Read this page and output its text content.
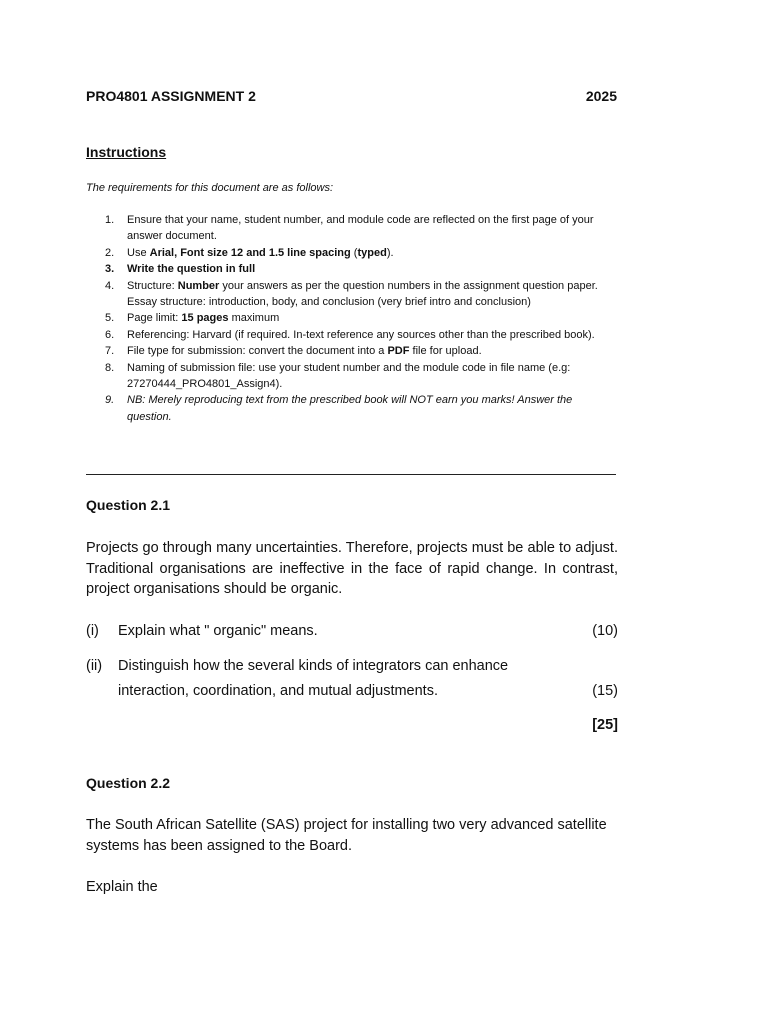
PRO4801 ASSIGNMENT 2	2025
Instructions
The requirements for this document are as follows:
1. Ensure that your name, student number, and module code are reflected on the first page of your answer document.
2. Use Arial, Font size 12 and 1.5 line spacing (typed).
3. Write the question in full
4. Structure: Number your answers as per the question numbers in the assignment question paper. Essay structure: introduction, body, and conclusion (very brief intro and conclusion)
5. Page limit: 15 pages maximum
6. Referencing: Harvard (if required. In-text reference any sources other than the prescribed book).
7. File type for submission: convert the document into a PDF file for upload.
8. Naming of submission file: use your student number and the module code in file name (e.g: 27270444_PRO4801_Assign4).
9. NB: Merely reproducing text from the prescribed book will NOT earn you marks! Answer the question.
Question 2.1
Projects go through many uncertainties. Therefore, projects must be able to adjust. Traditional organisations are ineffective in the face of rapid change. In contrast, project organisations should be organic.
(i) Explain what " organic" means.	(10)
(ii) Distinguish how the several kinds of integrators can enhance interaction, coordination, and mutual adjustments.	(15)
[25]
Question 2.2
The South African Satellite (SAS) project for installing two very advanced satellite systems has been assigned to the Board.
Explain the
